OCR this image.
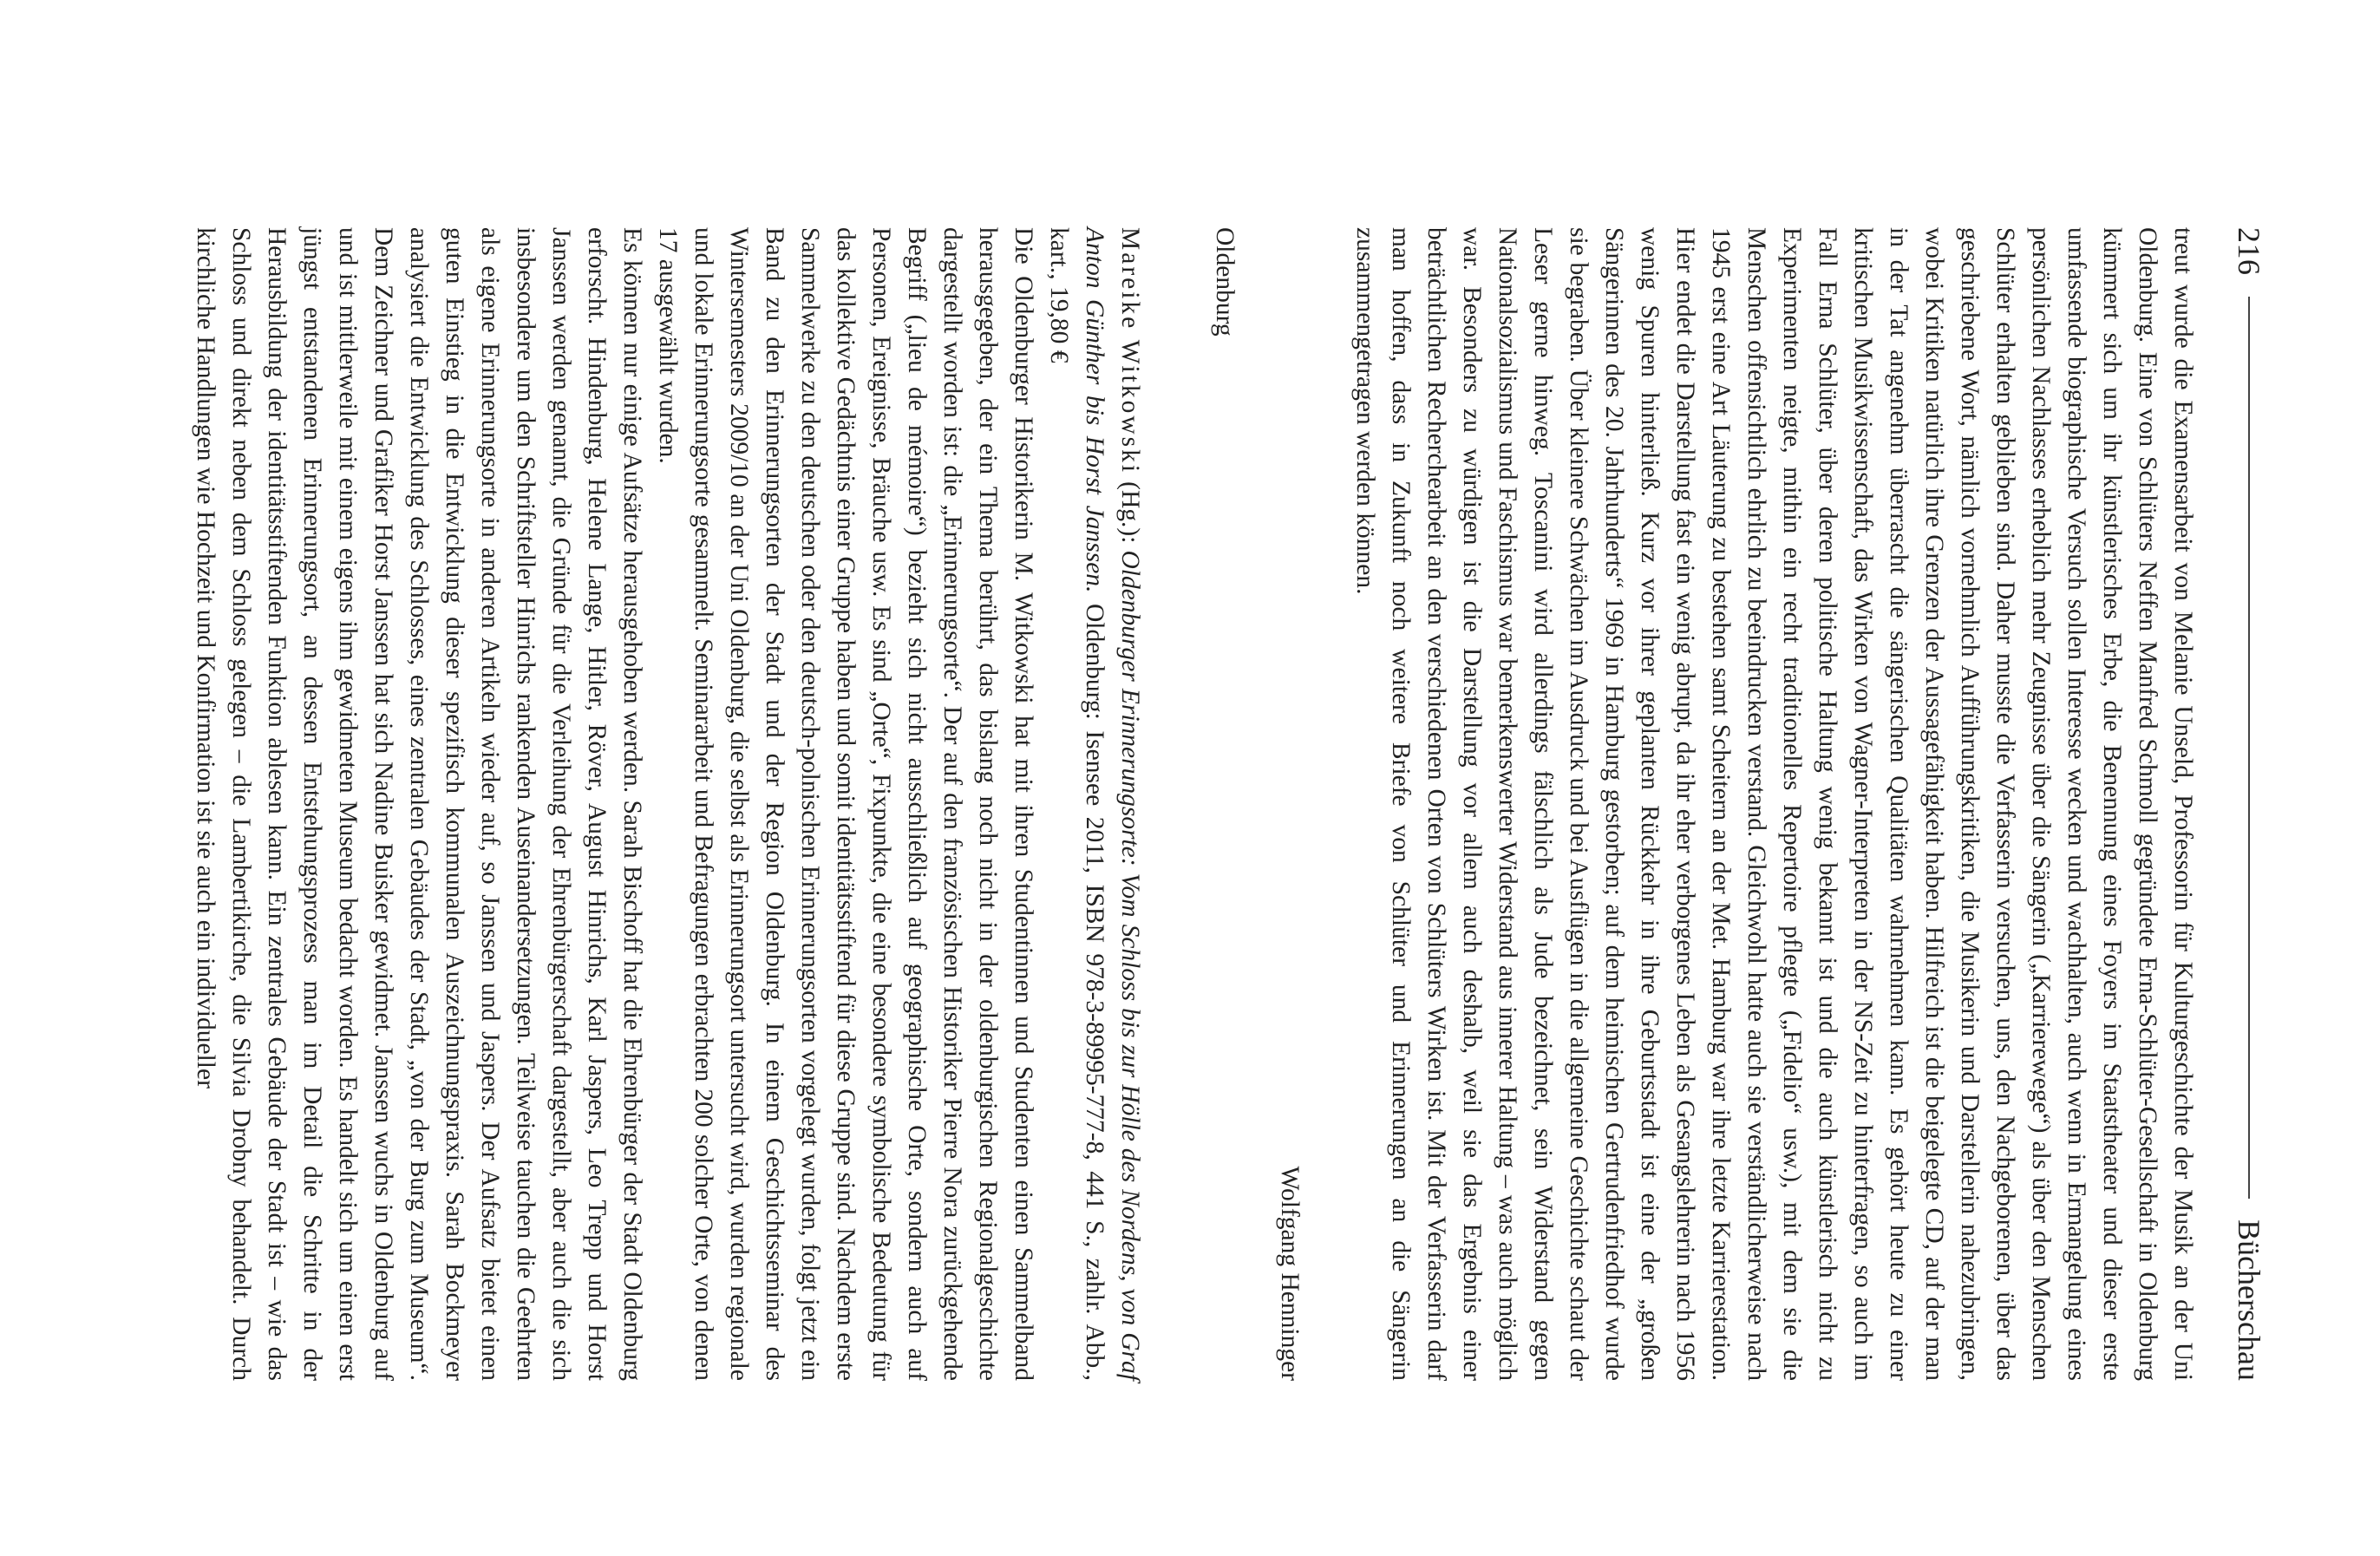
216
Bücherschau

treut wurde die Examensarbeit von Melanie Unseld, Professorin für Kulturgeschichte der Musik an der Uni Oldenburg. Eine von Schlüters Neffen Manfred Schmoll gegründete Erna-Schlüter-Gesellschaft in Oldenburg kümmert sich um ihr künstlerisches Erbe, die Benennung eines Foyers im Staatstheater und dieser erste umfassende biographische Versuch sollen Interesse wecken und wachhalten, auch wenn in Ermangelung eines persönlichen Nachlasses erheblich mehr Zeugnisse über die Sängerin („Karrierewege“) als über den Menschen Schlüter erhalten geblieben sind. Daher musste die Verfasserin versuchen, uns, den Nachgeborenen, über das geschriebene Wort, nämlich vornehmlich Aufführungskritiken, die Musikerin und Darstellerin nahezubringen, wobei Kritiken natürlich ihre Grenzen der Aussagefähigkeit haben. Hilfreich ist die beigelegte CD, auf der man in der Tat angenehm überrascht die sängerischen Qualitäten wahrnehmen kann. Es gehört heute zu einer kritischen Musikwissenschaft, das Wirken von Wagner-Interpreten in der NS-Zeit zu hinterfragen, so auch im Fall Erna Schlüter, über deren politische Haltung wenig bekannt ist und die auch künstlerisch nicht zu Experimenten neigte, mithin ein recht traditionelles Repertoire pflegte („Fidelio“ usw.), mit dem sie die Menschen offensichtlich ehrlich zu beeindrucken verstand. Gleichwohl hatte auch sie verständlicherweise nach 1945 erst eine Art Läuterung zu bestehen samt Scheitern an der Met. Hamburg war ihre letzte Karrierestation. Hier endet die Darstellung fast ein wenig abrupt, da ihr eher verborgenes Leben als Gesangslehrerin nach 1956 wenig Spuren hinterließ. Kurz vor ihrer geplanten Rückkehr in ihre Geburtsstadt ist eine der „großen Sängerinnen des 20. Jahrhunderts“ 1969 in Hamburg gestorben; auf dem heimischen Gertrudenfriedhof wurde sie begraben. Über kleinere Schwächen im Ausdruck und bei Ausflügen in die allgemeine Geschichte schaut der Leser gerne hinweg. Toscanini wird allerdings fälschlich als Jude bezeichnet, sein Widerstand gegen Nationalsozialismus und Faschismus war bemerkenswerter Widerstand aus innerer Haltung – was auch möglich war. Besonders zu würdigen ist die Darstellung vor allem auch deshalb, weil sie das Ergebnis einer beträchtlichen Recherchearbeit an den verschiedenen Orten von Schlüters Wirken ist. Mit der Verfasserin darf man hoffen, dass in Zukunft noch weitere Briefe von Schlüter und Erinnerungen an die Sängerin zusammengetragen werden können.

Wolfgang Henninger

Oldenburg

Mareike Witkowski (Hg.): Oldenburger Erinnerungsorte: Vom Schloss bis zur Hölle des Nordens, von Graf Anton Günther bis Horst Janssen. Oldenburg: Isensee 2011, ISBN 978-3-89995-777-8, 441 S., zahlr. Abb., kart., 19,80 €

Die Oldenburger Historikerin M. Witkowski hat mit ihren Studentinnen und Studenten einen Sammelband herausgegeben, der ein Thema berührt, das bislang noch nicht in der oldenburgischen Regionalgeschichte dargestellt worden ist: die „Erinnerungsorte“. Der auf den französischen Historiker Pierre Nora zurückgehende Begriff („lieu de mémoire“) bezieht sich nicht ausschließlich auf geographische Orte, sondern auch auf Personen, Ereignisse, Bräuche usw. Es sind „Orte“, Fixpunkte, die eine besondere symbolische Bedeutung für das kollektive Gedächtnis einer Gruppe haben und somit identitätsstiftend für diese Gruppe sind. Nachdem erste Sammelwerke zu den deutschen oder den deutsch-polnischen Erinnerungsorten vorgelegt wurden, folgt jetzt ein Band zu den Erinnerungsorten der Stadt und der Region Oldenburg. In einem Geschichtsseminar des Wintersemesters 2009/10 an der Uni Oldenburg, die selbst als Erinnerungsort untersucht wird, wurden regionale und lokale Erinnerungsorte gesammelt. Seminararbeit und Befragungen erbrachten 200 solcher Orte, von denen 17 ausgewählt wurden.

Es können nur einige Aufsätze herausgehoben werden. Sarah Bischoff hat die Ehrenbürger der Stadt Oldenburg erforscht. Hindenburg, Helene Lange, Hitler, Röver, August Hinrichs, Karl Jaspers, Leo Trepp und Horst Janssen werden genannt, die Gründe für die Verleihung der Ehrenbürgerschaft dargestellt, aber auch die sich insbesondere um den Schriftsteller Hinrichs rankenden Auseinandersetzungen. Teilweise tauchen die Geehrten als eigene Erinnerungsorte in anderen Artikeln wieder auf, so Janssen und Jaspers. Der Aufsatz bietet einen guten Einstieg in die Entwicklung dieser spezifisch kommunalen Auszeichnungspraxis. Sarah Bockmeyer analysiert die Entwicklung des Schlosses, eines zentralen Gebäudes der Stadt, „von der Burg zum Museum“. Dem Zeichner und Grafiker Horst Janssen hat sich Nadine Buisker gewidmet. Janssen wuchs in Oldenburg auf und ist mittlerweile mit einem eigens ihm gewidmeten Museum bedacht worden. Es handelt sich um einen erst jüngst entstandenen Erinnerungsort, an dessen Entstehungsprozess man im Detail die Schritte in der Herausbildung der identitätsstiftenden Funktion ablesen kann. Ein zentrales Gebäude der Stadt ist – wie das Schloss und direkt neben dem Schloss gelegen – die Lambertikirche, die Silvia Drobny behandelt. Durch kirchliche Handlungen wie Hochzeit und Konfirmation ist sie auch ein individueller
